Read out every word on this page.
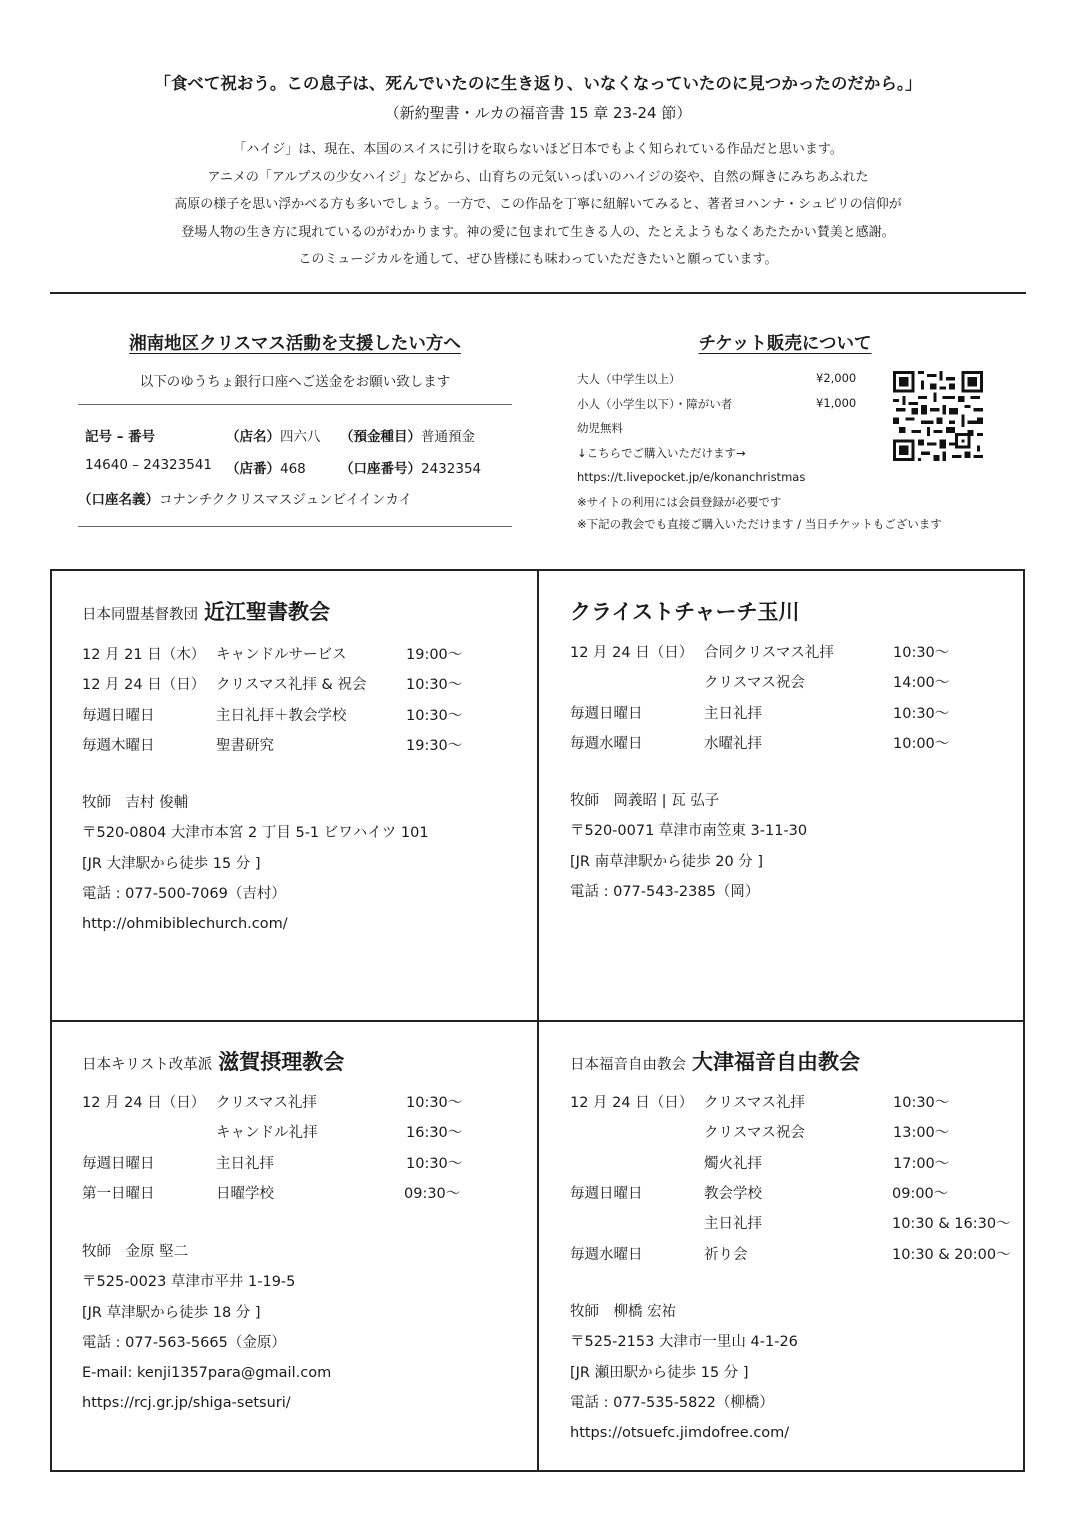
「食べて祝おう。この息子は、死んでいたのに生き返り、いなくなっていたのに見つかったのだから。」
（新約聖書・ルカの福音書 15 章 23-24 節）
「ハイジ」は、現在、本国のスイスに引けを取らないほど日本でもよく知られている作品だと思います。
アニメの「アルプスの少女ハイジ」などから、山育ちの元気いっぱいのハイジの姿や、自然の輝きにみちあふれた
高原の様子を思い浮かべる方も多いでしょう。一方で、この作品を丁寧に紐解いてみると、著者ヨハンナ・シュピリの信仰が
登場人物の生き方に現れているのがわかります。神の愛に包まれて生きる人の、たとえようもなくあたたかい賛美と感謝。
このミュージカルを通して、ぜひ皆様にも味わっていただきたいと願っています。
湘南地区クリスマス活動を支援したい方へ
以下のゆうちょ銀行口座へご送金をお願い致します
記号 – 番号	（店名）四六八 （預金種目）普通預金
14640 – 24323541 （店番）468	（口座番号）2432354
（口座名義）コナンチククリスマスジュンビイインカイ
チケット販売について
大人（中学生以上）	¥2,000
小人（小学生以下）・障がい者	¥1,000
幼児無料
↓こちらでご購入いただけます→
https://t.livepocket.jp/e/konanchristmas
※サイトの利用には会員登録が必要です
※下記の教会でも直接ご購入いただけます / 当日チケットもございます
日本同盟基督教団 近江聖書教会
12 月 21 日（木） キャンドルサービス	19:00〜
12 月 24 日（日） クリスマス礼拝 & 祝会	10:30〜
毎週日曜日	主日礼拝＋教会学校	10:30〜
毎週木曜日	聖書研究	19:30〜
牧師　吉村 俊輔
〒520-0804 大津市本宮 2 丁目 5-1 ビワハイツ 101
[JR 大津駅から徒歩 15 分 ]
電話 : 077-500-7069（吉村）
http://ohmibiblechurch.com/
クライストチャーチ玉川
12 月 24 日（日） 合同クリスマス礼拝	10:30〜
クリスマス祝会	14:00〜
毎週日曜日	主日礼拝	10:30〜
毎週水曜日	水曜礼拝	10:00〜
牧師　岡義昭 | 瓦 弘子
〒520-0071 草津市南笠東 3-11-30
[JR 南草津駅から徒歩 20 分 ]
電話 : 077-543-2385（岡）
日本キリスト改革派 滋賀摂理教会
12 月 24 日（日） クリスマス礼拝	10:30〜
キャンドル礼拝	16:30〜
毎週日曜日	主日礼拝	10:30〜
第一日曜日	日曜学校	09:30〜
牧師　金原 堅二
〒525-0023 草津市平井 1-19-5
[JR 草津駅から徒歩 18 分 ]
電話 : 077-563-5665（金原）
E-mail: kenji1357para@gmail.com
https://rcj.gr.jp/shiga-setsuri/
日本福音自由教会 大津福音自由教会
12 月 24 日（日） クリスマス礼拝	10:30〜
クリスマス祝会	13:00〜
燭火礼拝	17:00〜
毎週日曜日	教会学校	09:00〜
主日礼拝	10:30 & 16:30〜
毎週水曜日	祈り会	10:30 & 20:00〜
牧師　柳橋 宏祐
〒525-2153 大津市一里山 4-1-26
[JR 瀬田駅から徒歩 15 分 ]
電話 : 077-535-5822（柳橋）
https://otsuefc.jimdofree.com/
